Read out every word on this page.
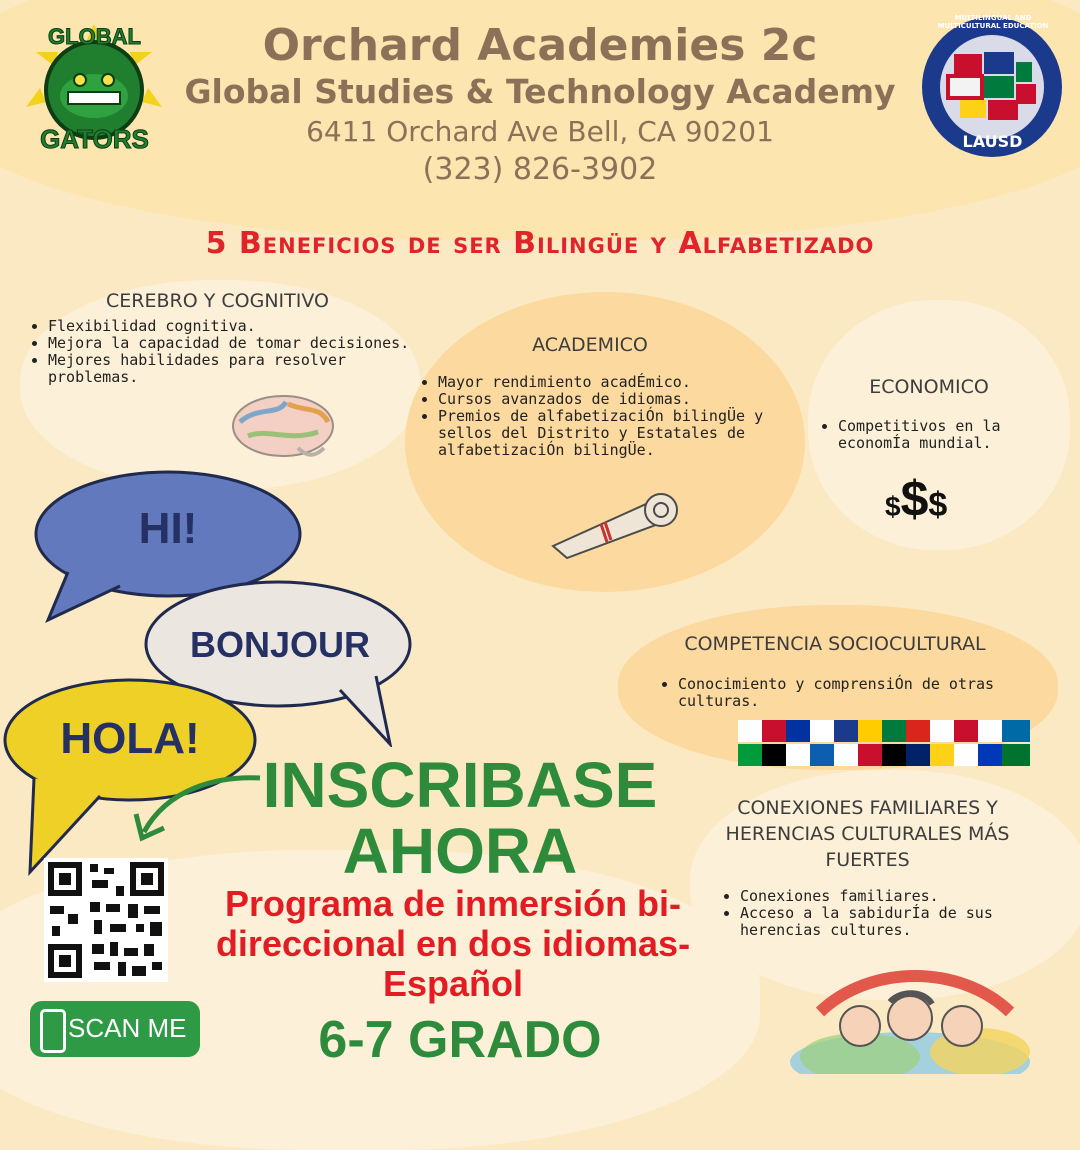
GLOBAL
GATORS
MULTILINGUAL AND MULTICULTURAL EDUCATION
LAUSD
Orchard Academies 2c
Global Studies & Technology Academy
6411 Orchard Ave Bell, CA 90201
(323) 826-3902
5 Beneficios de ser Bilingüe y Alfabetizado
CEREBRO Y COGNITIVO
• Flexibilidad cognitiva.
• Mejora la capacidad de tomar decisiones.
• Mejores habilidades para resolver problemas.
ACADEMICO
• Mayor rendimiento acadÉmico.
• Cursos avanzados de idiomas.
• Premios de alfabetizaciÓn bilingÜe y sellos del Distrito y Estatales de alfabetizaciÓn bilingÜe.
ECONOMICO
• Competitivos en la economÍa mundial.
$$$
HI!
BONJOUR
HOLA!
SCAN ME
INSCRIBASE
AHORA
Programa de inmersión bi-direccional en dos idiomas- Español
6-7 GRADO
COMPETENCIA SOCIOCULTURAL
• Conocimiento y comprensiÓn de otras culturas.
CONEXIONES FAMILIARES Y HERENCIAS CULTURALES MÁS FUERTES
• Conexiones familiares.
• Acceso a la sabidurÍa de sus herencias cultures.
